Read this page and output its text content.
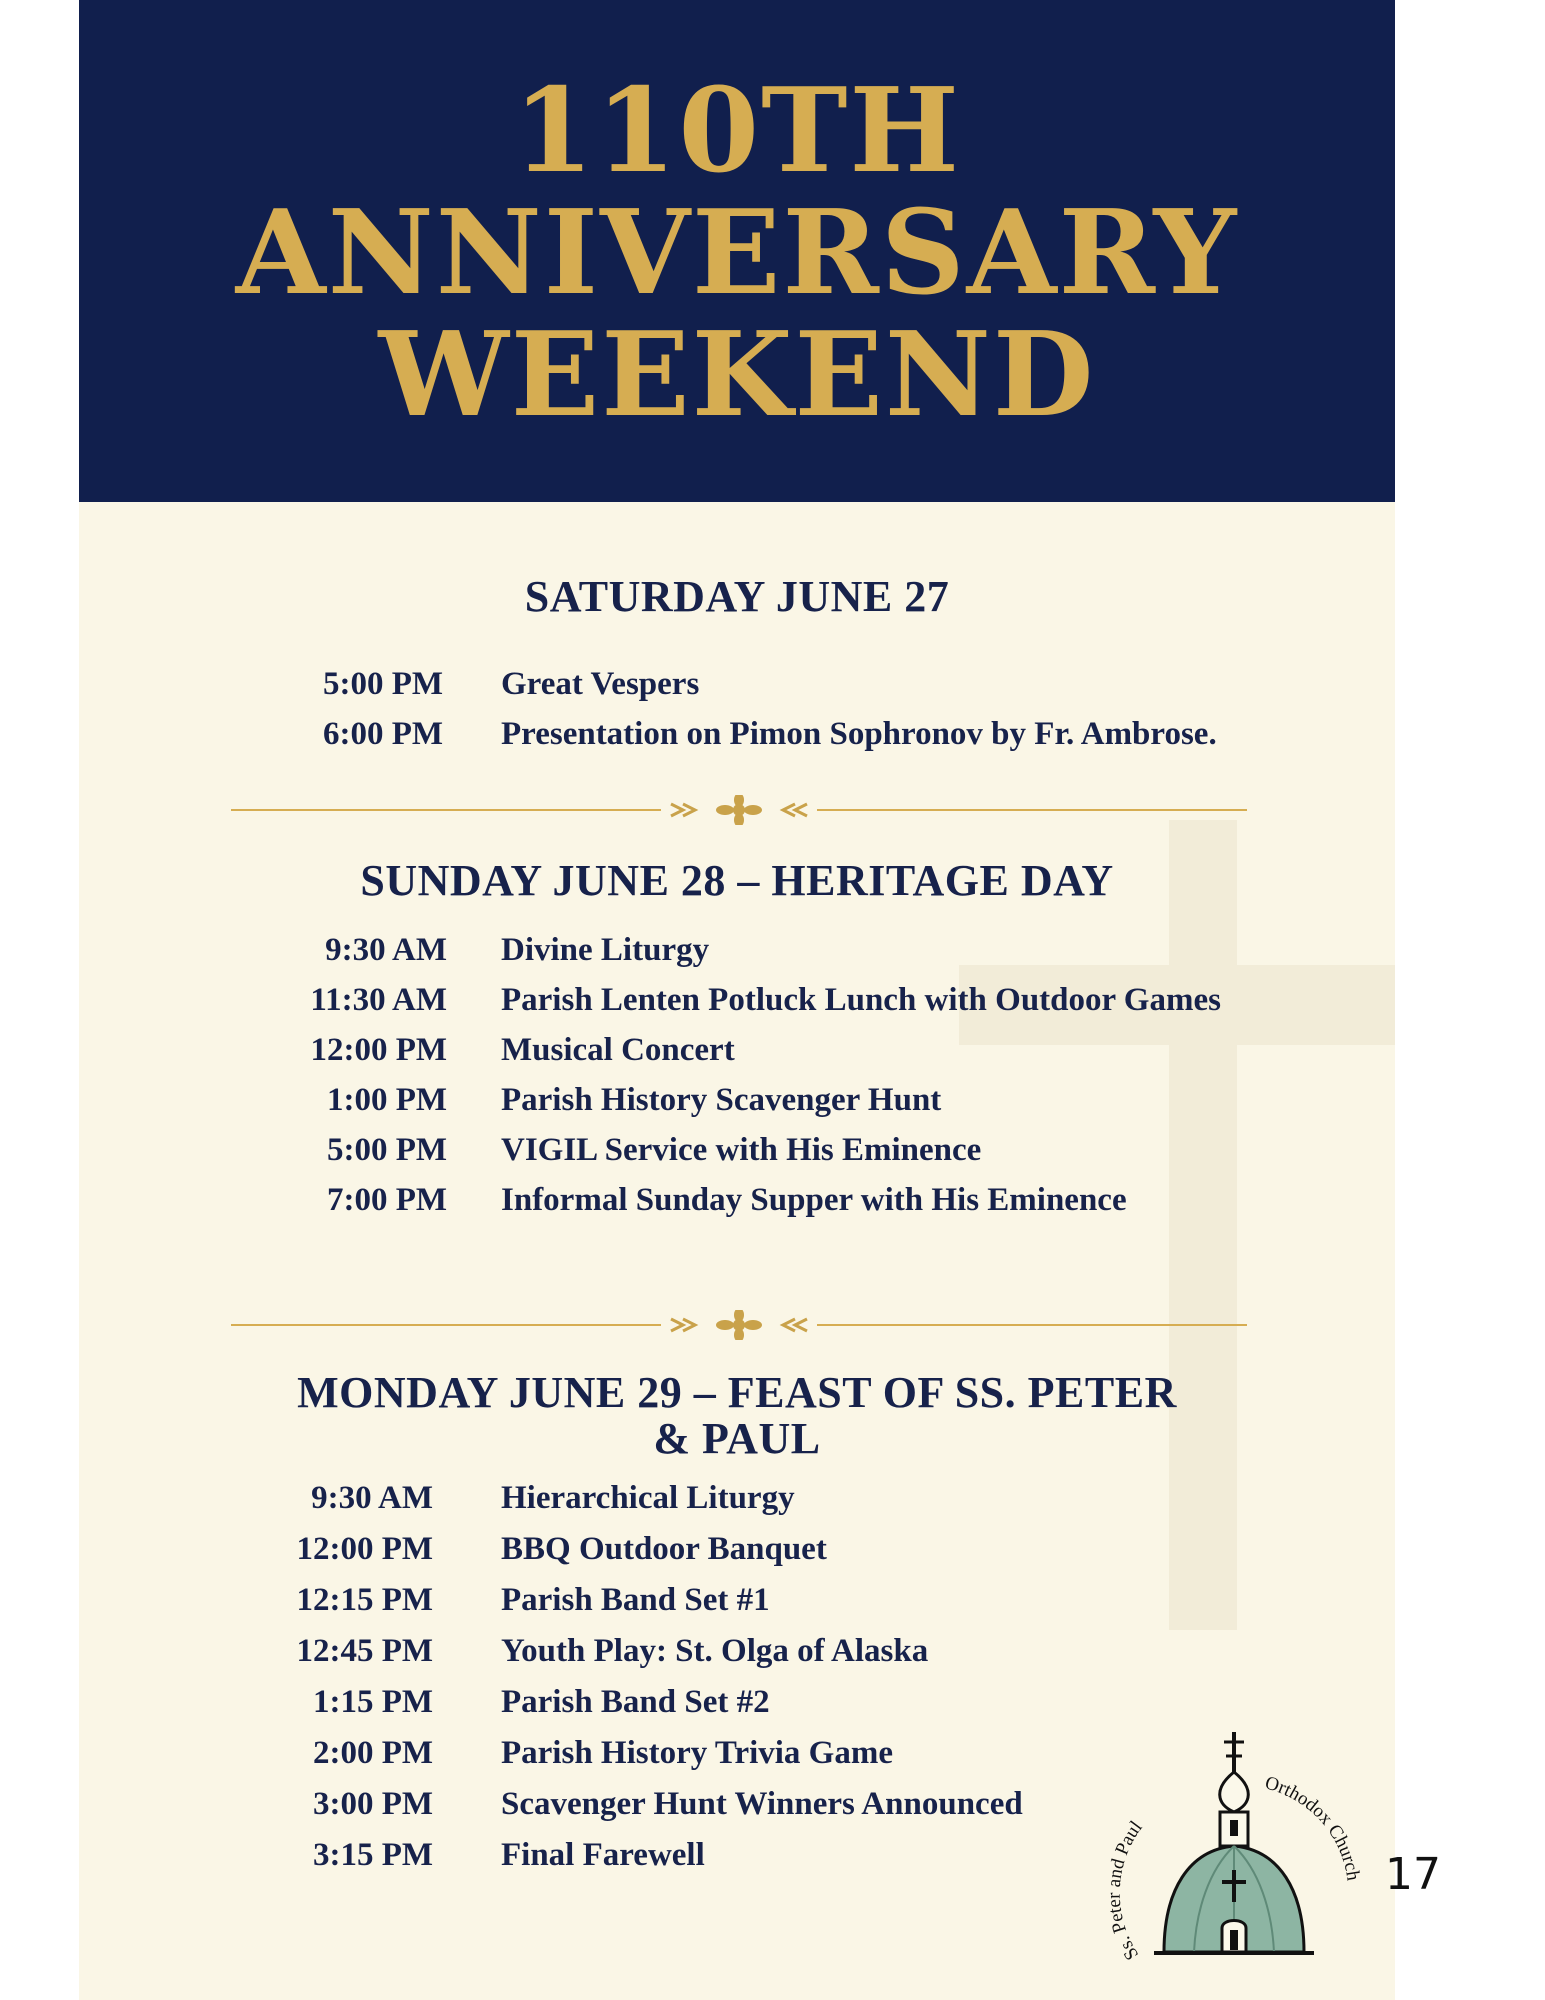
110TH
ANNIVERSARY
WEEKEND
SATURDAY JUNE 27
5:00 PM Great Vespers
6:00 PM Presentation on Pimon Sophronov by Fr. Ambrose.
SUNDAY JUNE 28 – HERITAGE DAY
9:30 AM Divine Liturgy
11:30 AM Parish Lenten Potluck Lunch with Outdoor Games
12:00 PM Musical Concert
1:00 PM Parish History Scavenger Hunt
5:00 PM VIGIL Service with His Eminence
7:00 PM Informal Sunday Supper with His Eminence
MONDAY JUNE 29 – FEAST OF SS. PETER
& PAUL
9:30 AM Hierarchical Liturgy
12:00 PM BBQ Outdoor Banquet
12:15 PM Parish Band Set #1
12:45 PM Youth Play: St. Olga of Alaska
1:15 PM Parish Band Set #2
2:00 PM Parish History Trivia Game
3:00 PM Scavenger Hunt Winners Announced
3:15 PM Final Farewell
Ss. Peter and Paul
Orthodox Church 17
